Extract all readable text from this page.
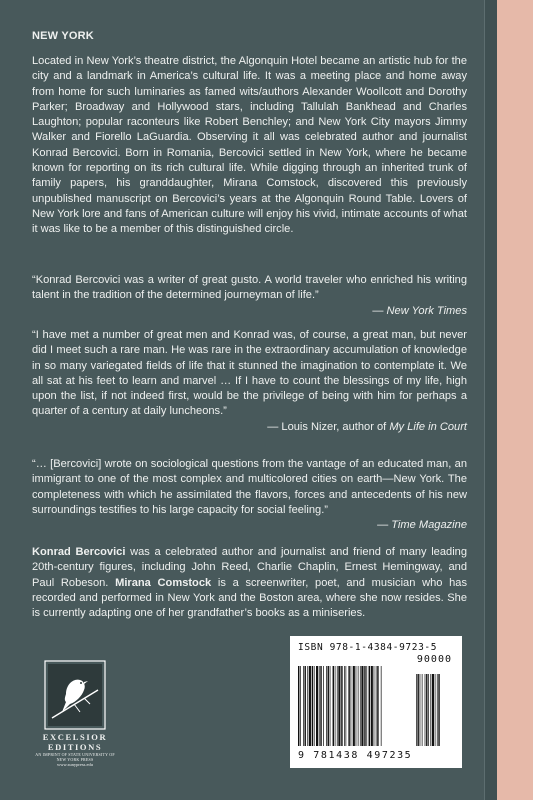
NEW YORK
Located in New York’s theatre district, the Algonquin Hotel became an artistic hub for the city and a landmark in America’s cultural life. It was a meeting place and home away from home for such luminaries as famed wits/authors Alexander Woollcott and Dorothy Parker; Broadway and Hollywood stars, including Tallulah Bankhead and Charles Laughton; popular raconteurs like Robert Benchley; and New York City mayors Jimmy Walker and Fiorello LaGuardia. Observing it all was celebrated author and journalist Konrad Bercovici. Born in Romania, Bercovici settled in New York, where he became known for reporting on its rich cultural life. While digging through an inherited trunk of family papers, his granddaughter, Mirana Comstock, discovered this previously unpublished manuscript on Bercovici’s years at the Algonquin Round Table. Lovers of New York lore and fans of American culture will enjoy his vivid, intimate accounts of what it was like to be a member of this distinguished circle.

“Konrad Bercovici was a writer of great gusto. A world traveler who enriched his writing talent in the tradition of the determined journeyman of life.”

— New York Times

“I have met a number of great men and Konrad was, of course, a great man, but never did I meet such a rare man. He was rare in the extraordinary accumulation of knowledge in so many variegated fields of life that it stunned the imagination to contemplate it. We all sat at his feet to learn and marvel … If I have to count the blessings of my life, high upon the list, if not indeed first, would be the privilege of being with him for perhaps a quarter of a century at daily luncheons.”

— Louis Nizer, author of My Life in Court

“… [Bercovici] wrote on sociological questions from the vantage of an educated man, an immigrant to one of the most complex and multicolored cities on earth—New York. The completeness with which he assimilated the flavors, forces and antecedents of his new surroundings testifies to his large capacity for social feeling.”

— Time Magazine
Konrad Bercovici was a celebrated author and journalist and friend of many leading 20th-century figures, including John Reed, Charlie Chaplin, Ernest Hemingway, and Paul Robeson. Mirana Comstock is a screenwriter, poet, and musician who has recorded and performed in New York and the Boston area, where she now resides. She is currently adapting one of her grandfather’s books as a miniseries.
EXCELSIOR
EDITIONS
AN IMPRINT OF STATE UNIVERSITY OF NEW YORK PRESS
www.sunypress.edu
ISBN 978-1-4384-9723-5
90000
9 781438 497235
